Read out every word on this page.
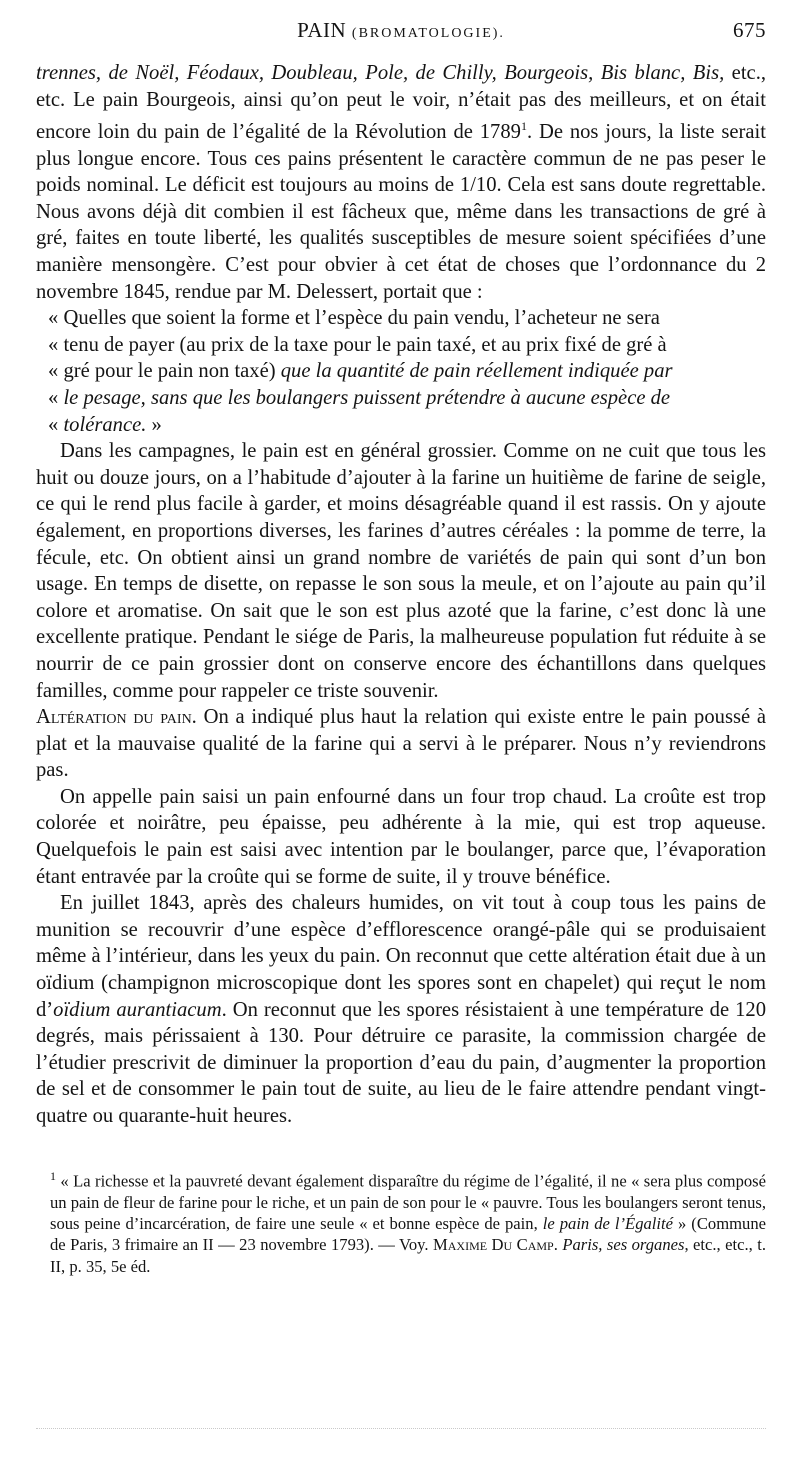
PAIN (BROMATOLOGIE).	675

trennes, de Noël, Féodaux, Doubleau, Pole, de Chilly, Bourgeois, Bis blanc, Bis, etc., etc. Le pain Bourgeois, ainsi qu’on peut le voir, n’était pas des meilleurs, et on était encore loin du pain de l’égalité de la Révolution de 1789$^1$. De nos jours, la liste serait plus longue encore. Tous ces pains présentent le caractère commun de ne pas peser le poids nominal. Le déficit est toujours au moins de 1/10. Cela est sans doute regrettable. Nous avons déjà dit combien il est fâcheux que, même dans les transactions de gré à gré, faites en toute liberté, les qualités susceptibles de mesure soient spécifiées d’une manière mensongère. C’est pour obvier à cet état de choses que l’ordonnance du 2 novembre 1845, rendue par M. Delessert, portait que :

« Quelles que soient la forme et l’espèce du pain vendu, l’acheteur ne sera
« tenu de payer (au prix de la taxe pour le pain taxé, et au prix fixé de gré à
« gré pour le pain non taxé) que la quantité de pain réellement indiquée par
« le pesage, sans que les boulangers puissent prétendre à aucune espèce de
« tolérance. »

Dans les campagnes, le pain est en général grossier. Comme on ne cuit que tous les huit ou douze jours, on a l’habitude d’ajouter à la farine un huitième de farine de seigle, ce qui le rend plus facile à garder, et moins désagréable quand il est rassis. On y ajoute également, en proportions diverses, les farines d’autres céréales : la pomme de terre, la fécule, etc. On obtient ainsi un grand nombre de variétés de pain qui sont d’un bon usage. En temps de disette, on repasse le son sous la meule, et on l’ajoute au pain qu’il colore et aromatise. On sait que le son est plus azoté que la farine, c’est donc là une excellente pratique. Pendant le siége de Paris, la malheureuse population fut réduite à se nourrir de ce pain grossier dont on conserve encore des échantillons dans quelques familles, comme pour rappeler ce triste souvenir.

Altération du pain. On a indiqué plus haut la relation qui existe entre le pain poussé à plat et la mauvaise qualité de la farine qui a servi à le préparer. Nous n’y reviendrons pas.

On appelle pain saisi un pain enfourné dans un four trop chaud. La croûte est trop colorée et noirâtre, peu épaisse, peu adhérente à la mie, qui est trop aqueuse. Quelquefois le pain est saisi avec intention par le boulanger, parce que, l’évaporation étant entravée par la croûte qui se forme de suite, il y trouve bénéfice.

En juillet 1843, après des chaleurs humides, on vit tout à coup tous les pains de munition se recouvrir d’une espèce d’efflorescence orangé-pâle qui se produisaient même à l’intérieur, dans les yeux du pain. On reconnut que cette altération était due à un oïdium (champignon microscopique dont les spores sont en chapelet) qui reçut le nom d’oïdium aurantiacum. On reconnut que les spores résistaient à une température de 120 degrés, mais périssaient à 130. Pour détruire ce parasite, la commission chargée de l’étudier prescrivit de diminuer la proportion d’eau du pain, d’augmenter la proportion de sel et de consommer le pain tout de suite, au lieu de le faire attendre pendant vingt-quatre ou quarante-huit heures.

$^1$ « La richesse et la pauvreté devant également disparaître du régime de l’égalité, il ne « sera plus composé un pain de fleur de farine pour le riche, et un pain de son pour le « pauvre. Tous les boulangers seront tenus, sous peine d’incarcération, de faire une seule « et bonne espèce de pain, le pain de l’Égalité » (Commune de Paris, 3 frimaire an II — 23 novembre 1793). — Voy. Maxime Du Camp. Paris, ses organes, etc., etc., t. II, p. 35, 5e éd.
